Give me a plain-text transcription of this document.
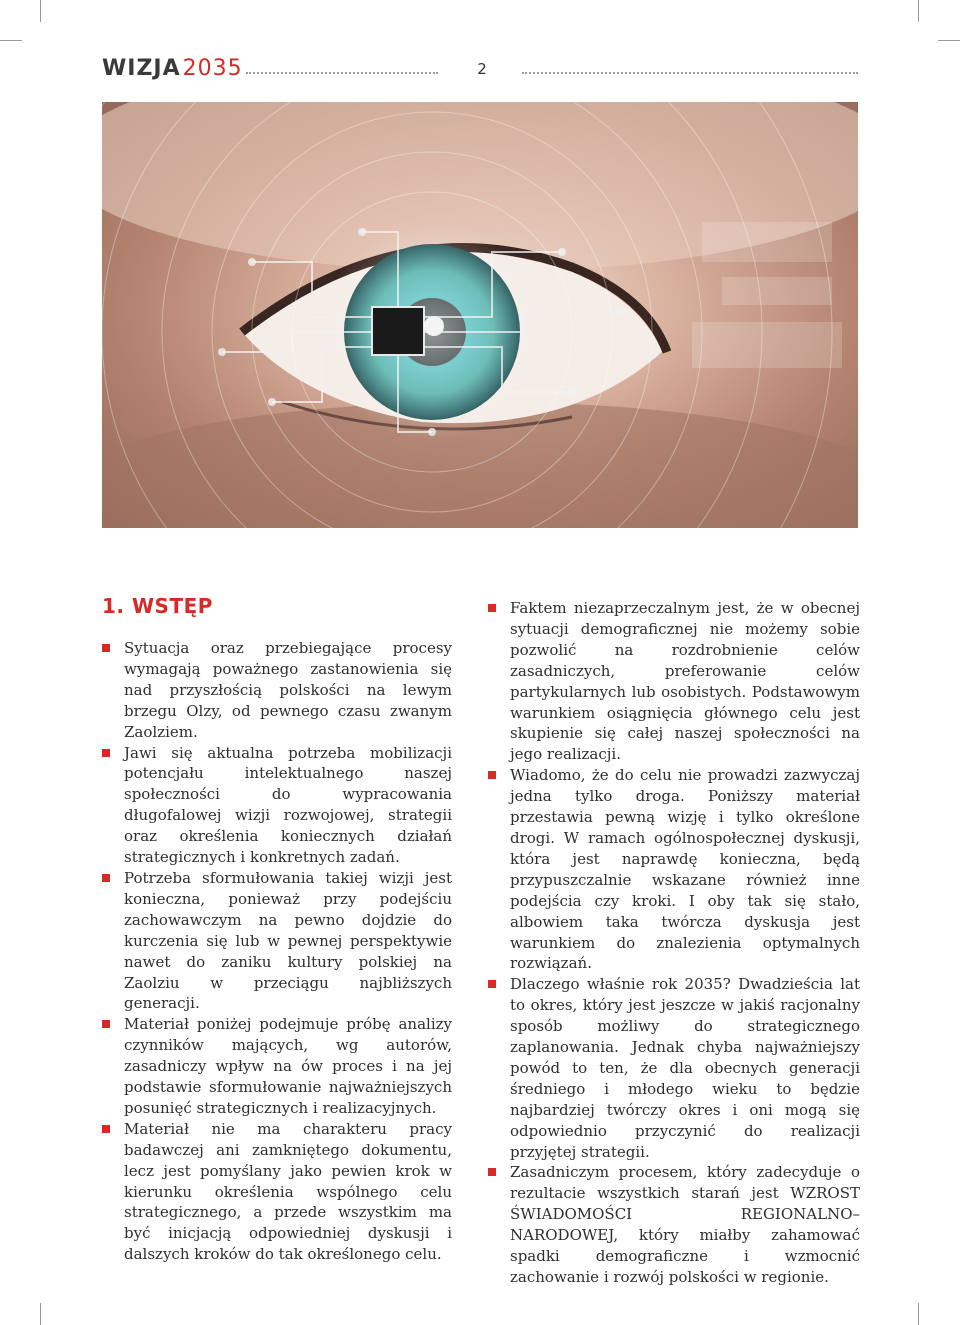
WIZJA 2035	2
1. WSTĘP
Sytuacja oraz przebiegające procesy wymagają poważnego zastanowienia się nad przyszłością polskości na lewym brzegu Olzy, od pewnego czasu zwanym Zaolziem.
Jawi się aktualna potrzeba mobilizacji potencjału intelektualnego naszej społeczności do wypracowania długofalowej wizji rozwojowej, strategii oraz określenia koniecznych działań strategicznych i konkretnych zadań.
Potrzeba sformułowania takiej wizji jest konieczna, ponieważ przy podejściu zachowawczym na pewno dojdzie do kurczenia się lub w pewnej perspektywie nawet do zaniku kultury polskiej na Zaolziu w przeciągu najbliższych generacji.
Materiał poniżej podejmuje próbę analizy czynników mających, wg autorów, zasadniczy wpływ na ów proces i na jej podstawie sformułowanie najważniejszych posunięć strategicznych i realizacyjnych.
Materiał nie ma charakteru pracy badawczej ani zamkniętego dokumentu, lecz jest pomyślany jako pewien krok w kierunku określenia wspólnego celu strategicznego, a przede wszystkim ma być inicjacją odpowiedniej dyskusji i dalszych kroków do tak określonego celu.
Faktem niezaprzeczalnym jest, że w obecnej sytuacji demograficznej nie możemy sobie pozwolić na rozdrobnienie celów zasadniczych, preferowanie celów partykularnych lub osobistych. Podstawowym warunkiem osiągnięcia głównego celu jest skupienie się całej naszej społeczności na jego realizacji.
Wiadomo, że do celu nie prowadzi zazwyczaj jedna tylko droga. Poniższy materiał przestawia pewną wizję i tylko określone drogi. W ramach ogólnospołecznej dyskusji, która jest naprawdę konieczna, będą przypuszczalnie wskazane również inne podejścia czy kroki. I oby tak się stało, albowiem taka twórcza dyskusja jest warunkiem do znalezienia optymalnych rozwiązań.
Dlaczego właśnie rok 2035? Dwadzieścia lat to okres, który jest jeszcze w jakiś racjonalny sposób możliwy do strategicznego zaplanowania. Jednak chyba najważniejszy powód to ten, że dla obecnych generacji średniego i młodego wieku to będzie najbardziej twórczy okres i oni mogą się odpowiednio przyczynić do realizacji przyjętej strategii.
Zasadniczym procesem, który zadecyduje o rezultacie wszystkich starań jest WZROST ŚWIADOMOŚCI REGIONALNO–NARODOWEJ, który miałby zahamować spadki demograficzne i wzmocnić zachowanie i rozwój polskości w regionie.
